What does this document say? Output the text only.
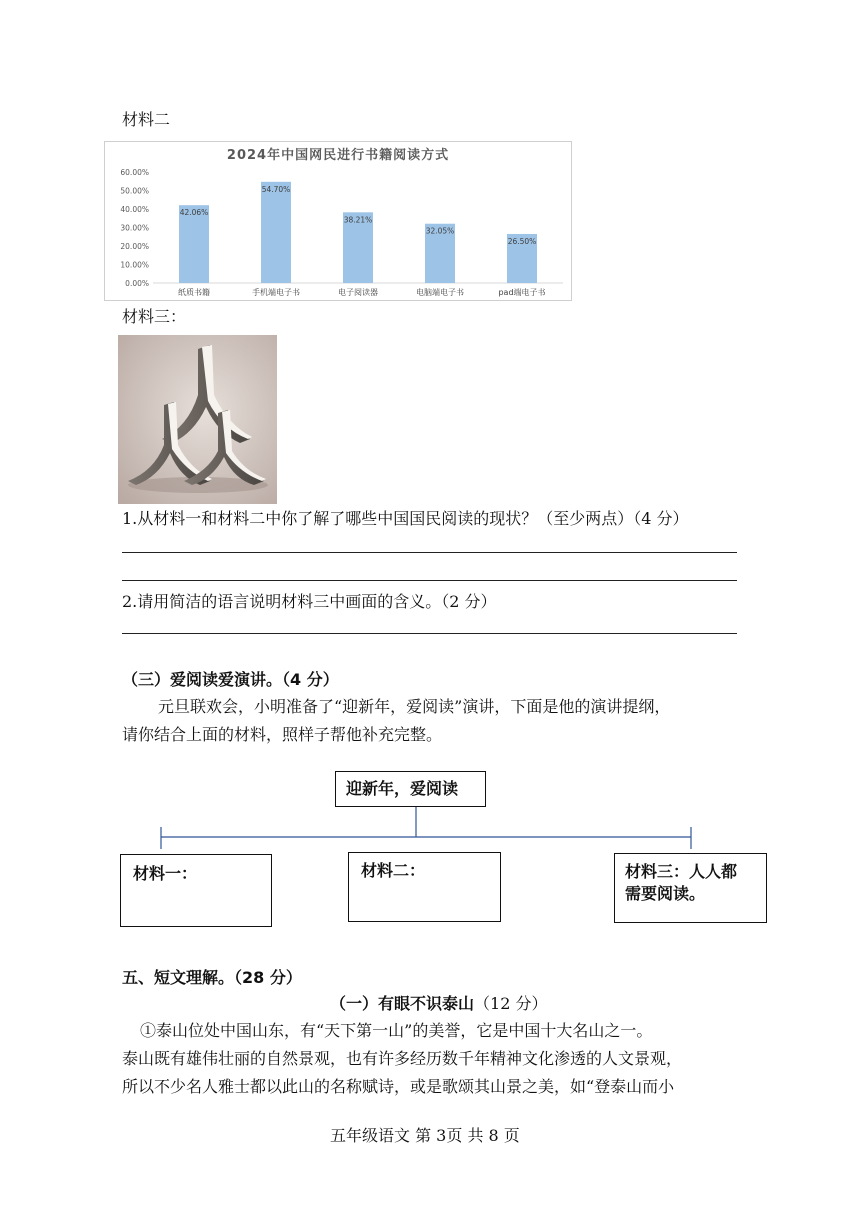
材料二
2024年中国网民进行书籍阅读方式
0.00%
10.00%
20.00%
30.00%
40.00%
50.00%
60.00%
42.06%
纸质书籍
54.70%
手机端电子书
38.21%
电子阅读器
32.05%
电脑端电子书
26.50%
pad端电子书
材料三：
1.从材料一和材料二中你了解了哪些中国国民阅读的现状？（至少两点）（4 分）
2.请用简洁的语言说明材料三中画面的含义。（2 分）
（三）爱阅读爱演讲。（4 分）
元旦联欢会，小明准备了“迎新年，爱阅读”演讲，下面是他的演讲提纲，
请你结合上面的材料，照样子帮他补充完整。
迎新年，爱阅读
材料一：	材料二：	材料三：人人都
需要阅读。
五、短文理解。（28 分）
（一）有眼不识泰山（12 分）
①泰山位处中国山东，有“天下第一山”的美誉，它是中国十大名山之一。
泰山既有雄伟壮丽的自然景观，也有许多经历数千年精神文化渗透的人文景观，
所以不少名人雅士都以此山的名称赋诗，或是歌颂其山景之美，如“登泰山而小
五年级语文 第 3页 共 8 页
